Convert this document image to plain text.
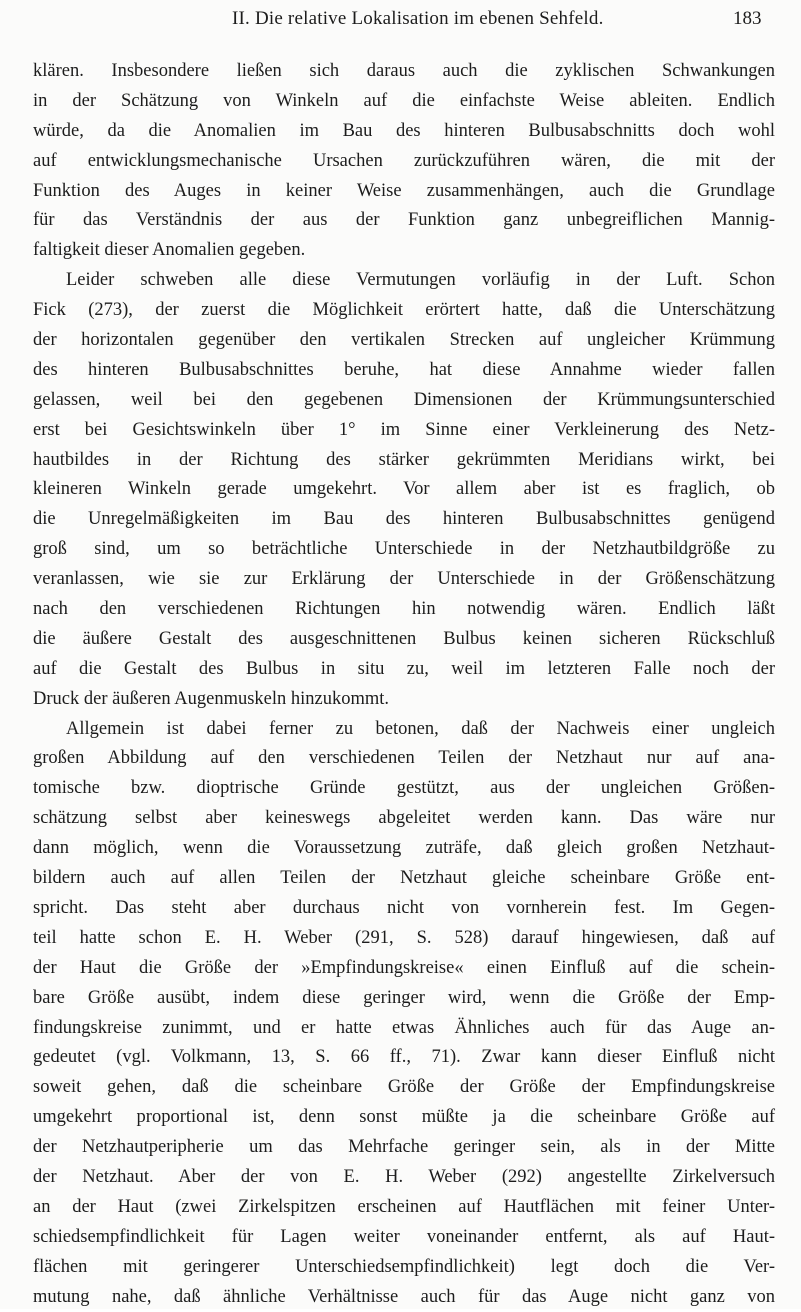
II. Die relative Lokalisation im ebenen Sehfeld.	183
klären. Insbesondere ließen sich daraus auch die zyklischen Schwankungen
in der Schätzung von Winkeln auf die einfachste Weise ableiten. Endlich
würde, da die Anomalien im Bau des hinteren Bulbusabschnitts doch wohl
auf entwicklungsmechanische Ursachen zurückzuführen wären, die mit der
Funktion des Auges in keiner Weise zusammenhängen, auch die Grundlage
für das Verständnis der aus der Funktion ganz unbegreiflichen Mannig-
faltigkeit dieser Anomalien gegeben.
Leider schweben alle diese Vermutungen vorläufig in der Luft. Schon
Fick (273), der zuerst die Möglichkeit erörtert hatte, daß die Unterschätzung
der horizontalen gegenüber den vertikalen Strecken auf ungleicher Krümmung
des hinteren Bulbusabschnittes beruhe, hat diese Annahme wieder fallen
gelassen, weil bei den gegebenen Dimensionen der Krümmungsunterschied
erst bei Gesichtswinkeln über 1° im Sinne einer Verkleinerung des Netz-
hautbildes in der Richtung des stärker gekrümmten Meridians wirkt, bei
kleineren Winkeln gerade umgekehrt. Vor allem aber ist es fraglich, ob
die Unregelmäßigkeiten im Bau des hinteren Bulbusabschnittes genügend
groß sind, um so beträchtliche Unterschiede in der Netzhautbildgröße zu
veranlassen, wie sie zur Erklärung der Unterschiede in der Größenschätzung
nach den verschiedenen Richtungen hin notwendig wären. Endlich läßt
die äußere Gestalt des ausgeschnittenen Bulbus keinen sicheren Rückschluß
auf die Gestalt des Bulbus in situ zu, weil im letzteren Falle noch der
Druck der äußeren Augenmuskeln hinzukommt.
Allgemein ist dabei ferner zu betonen, daß der Nachweis einer ungleich
großen Abbildung auf den verschiedenen Teilen der Netzhaut nur auf ana-
tomische bzw. dioptrische Gründe gestützt, aus der ungleichen Größen-
schätzung selbst aber keineswegs abgeleitet werden kann. Das wäre nur
dann möglich, wenn die Voraussetzung zuträfe, daß gleich großen Netzhaut-
bildern auch auf allen Teilen der Netzhaut gleiche scheinbare Größe ent-
spricht. Das steht aber durchaus nicht von vornherein fest. Im Gegen-
teil hatte schon E. H. Weber (291, S. 528) darauf hingewiesen, daß auf
der Haut die Größe der »Empfindungskreise« einen Einfluß auf die schein-
bare Größe ausübt, indem diese geringer wird, wenn die Größe der Emp-
findungskreise zunimmt, und er hatte etwas Ähnliches auch für das Auge an-
gedeutet (vgl. Volkmann, 13, S. 66 ff., 71). Zwar kann dieser Einfluß nicht
soweit gehen, daß die scheinbare Größe der Größe der Empfindungskreise
umgekehrt proportional ist, denn sonst müßte ja die scheinbare Größe auf
der Netzhautperipherie um das Mehrfache geringer sein, als in der Mitte
der Netzhaut. Aber der von E. H. Weber (292) angestellte Zirkelversuch
an der Haut (zwei Zirkelspitzen erscheinen auf Hautflächen mit feiner Unter-
schiedsempfindlichkeit für Lagen weiter voneinander entfernt, als auf Haut-
flächen mit geringerer Unterschiedsempfindlichkeit) legt doch die Ver-
mutung nahe, daß ähnliche Verhältnisse auch für das Auge nicht ganz von
